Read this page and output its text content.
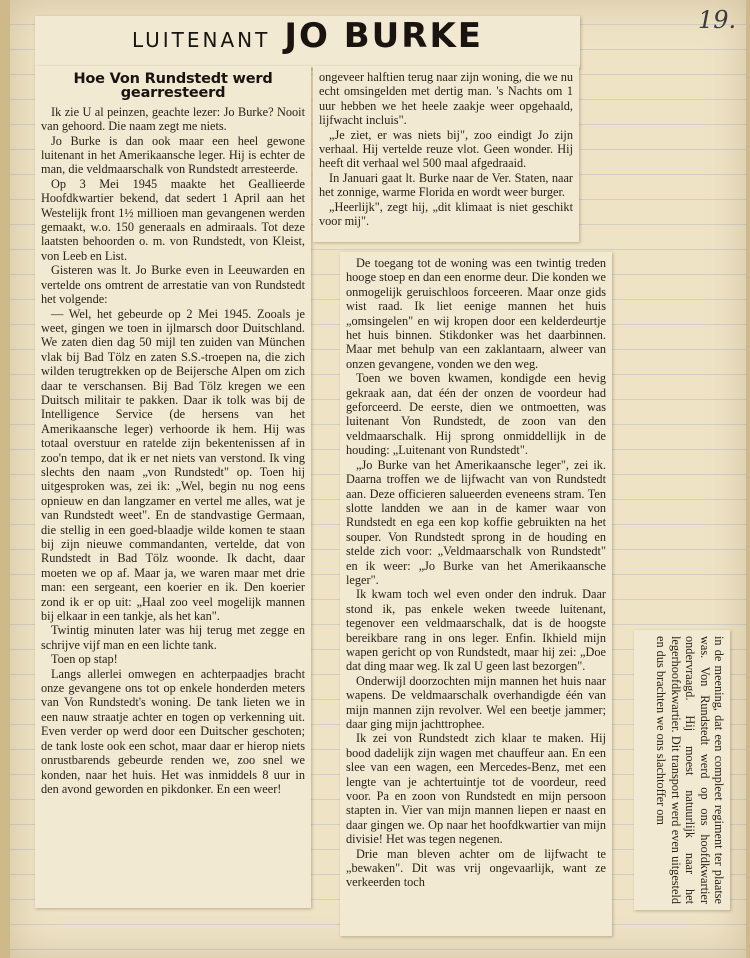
19.
LUITENANT JO BURKE
Hoe Von Rundstedt werd gearresteerd

Ik zie U al peinzen, geachte lezer: Jo Burke? Nooit van gehoord. Die naam zegt me niets.

Jo Burke is dan ook maar een heel gewone luitenant in het Amerikaansche leger. Hij is echter de man, die veldmaarschalk von Rundstedt arresteerde.

Op 3 Mei 1945 maakte het Geallieerde Hoofdkwartier bekend, dat sedert 1 April aan het Westelijk front 1½ millioen man gevangenen werden gemaakt, w.o. 150 generaals en admiraals. Tot deze laatsten behoorden o. m. von Rundstedt, von Kleist, von Leeb en List.

Gisteren was lt. Jo Burke even in Leeuwarden en vertelde ons omtrent de arrestatie van von Rundstedt het volgende:

— Wel, het gebeurde op 2 Mei 1945. Zooals je weet, gingen we toen in ijlmarsch door Duitschland. We zaten dien dag 50 mijl ten zuiden van München vlak bij Bad Tölz en zaten S.S.-troepen na, die zich wilden terugtrekken op de Beijersche Alpen om zich daar te verschansen. Bij Bad Tölz kregen we een Duitsch militair te pakken. Daar ik tolk was bij de Intelligence Service (de hersens van het Amerikaansche leger) verhoorde ik hem. Hij was totaal overstuur en ratelde zijn bekentenissen af in zoo'n tempo, dat ik er net niets van verstond. Ik ving slechts den naam „von Rundstedt" op. Toen hij uitgesproken was, zei ik: „Wel, begin nu nog eens opnieuw en dan langzamer en vertel me alles, wat je van Rundstedt weet". En de standvastige Germaan, die stellig in een goed-blaadje wilde komen te staan bij zijn nieuwe commandanten, vertelde, dat von Rundstedt in Bad Tölz woonde. Ik dacht, daar moeten we op af. Maar ja, we waren maar met drie man: een sergeant, een koerier en ik. Den koerier zond ik er op uit: „Haal zoo veel mogelijk mannen bij elkaar in een tankje, als het kan".

Twintig minuten later was hij terug met zegge en schrijve vijf man en een lichte tank.

Toen op stap!

Langs allerlei omwegen en achterpaadjes bracht onze gevangene ons tot op enkele honderden meters van Von Rundstedt's woning. De tank lieten we in een nauw straatje achter en togen op verkenning uit. Even verder op werd door een Duitscher geschoten; de tank loste ook een schot, maar daar er hierop niets onrustbarends gebeurde renden we, zoo snel we konden, naar het huis. Het was inmiddels 8 uur in den avond geworden en pikdonker. En een weer!

ongeveer halftien terug naar zijn woning, die we nu echt omsingelden met dertig man. 's Nachts om 1 uur hebben we het heele zaakje weer opgehaald, lijfwacht incluis".

„Je ziet, er was niets bij", zoo eindigt Jo zijn verhaal. Hij vertelde reuze vlot. Geen wonder. Hij heeft dit verhaal wel 500 maal afgedraaid.

In Januari gaat lt. Burke naar de Ver. Staten, naar het zonnige, warme Florida en wordt weer burger.

„Heerlijk", zegt hij, „dit klimaat is niet geschikt voor mij".

De toegang tot de woning was een twintig treden hooge stoep en dan een enorme deur. Die konden we onmogelijk geruischloos forceeren. Maar onze gids wist raad. Ik liet eenige mannen het huis „omsingelen" en wij kropen door een kelderdeurtje het huis binnen. Stikdonker was het daarbinnen. Maar met behulp van een zaklantaarn, alweer van onzen gevangene, vonden we den weg.

Toen we boven kwamen, kondigde een hevig gekraak aan, dat één der onzen de voordeur had geforceerd. De eerste, dien we ontmoetten, was luitenant Von Rundstedt, de zoon van den veldmaarschalk. Hij sprong onmiddellijk in de houding: „Luitenant von Rundstedt".

„Jo Burke van het Amerikaansche leger", zei ik. Daarna troffen we de lijfwacht van von Rundstedt aan. Deze officieren salueerden eveneens stram. Ten slotte landden we aan in de kamer waar von Rundstedt en ega een kop koffie gebruikten na het souper. Von Rundstedt sprong in de houding en stelde zich voor: „Veldmaarschalk von Rundstedt" en ik weer: „Jo Burke van het Amerikaansche leger".

Ik kwam toch wel even onder den indruk. Daar stond ik, pas enkele weken tweede luitenant, tegenover een veldmaarschalk, dat is de hoogste bereikbare rang in ons leger. Enfin. Ikhield mijn wapen gericht op von Rundstedt, maar hij zei: „Doe dat ding maar weg. Ik zal U geen last bezorgen".

Onderwijl doorzochten mijn mannen het huis naar wapens. De veldmaarschalk overhandigde één van mijn mannen zijn revolver. Wel een beetje jammer; daar ging mijn jachttrophee.

Ik zei von Rundstedt zich klaar te maken. Hij bood dadelijk zijn wagen met chauffeur aan. En een slee van een wagen, een Mercedes-Benz, met een lengte van je achtertuintje tot de voordeur, reed voor. Pa en zoon von Rundstedt en mijn persoon stapten in. Vier van mijn mannen liepen er naast en daar gingen we. Op naar het hoofdkwartier van mijn divisie! Het was tegen negenen.

Drie man bleven achter om de lijfwacht te „bewaken". Dit was vrij ongevaarlijk, want ze verkeerden toch	in de meening, dat een compleet regiment ter plaatse was. Von Rundstedt werd op ons hoofdkwartier ondervraagd. Hij moest natuurlijk naar het legerhoofdkwartier. Dit transport werd even uitgesteld en dus brachten we ons slachtoffer om
